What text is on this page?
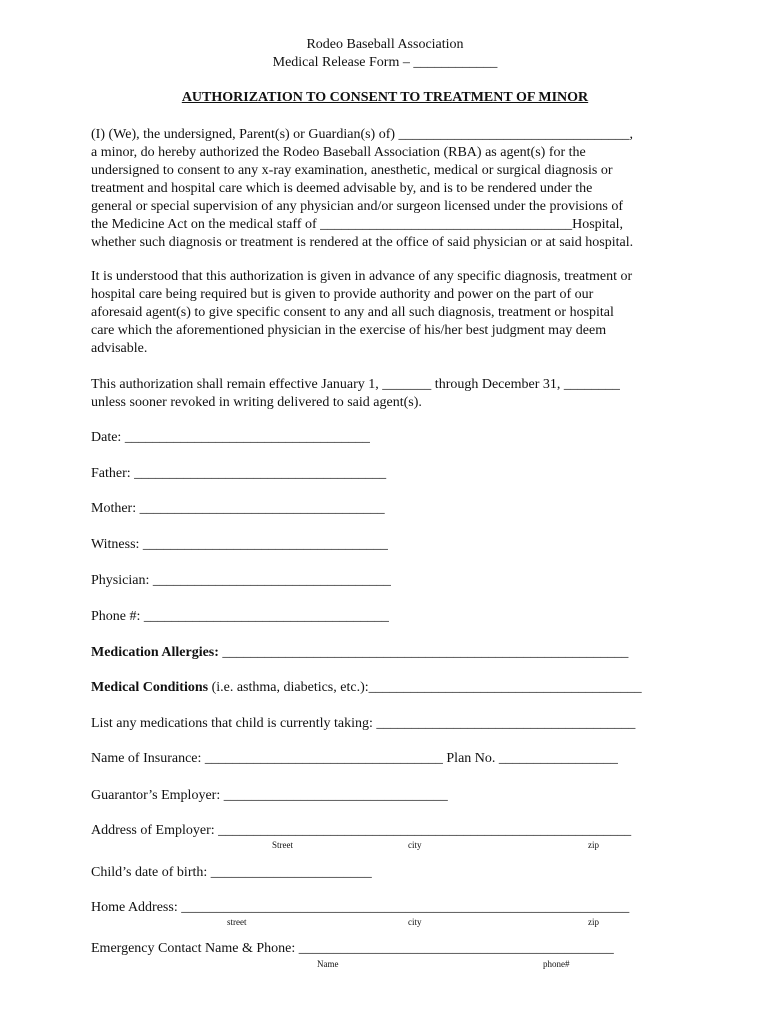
Rodeo Baseball Association
Medical Release Form – ____________
AUTHORIZATION TO CONSENT TO TREATMENT OF MINOR
(I) (We), the undersigned, Parent(s) or Guardian(s) of) _________________________________,
a minor, do hereby authorized the Rodeo Baseball Association (RBA) as agent(s) for the
undersigned to consent to any x-ray examination, anesthetic, medical or surgical diagnosis or
treatment and hospital care which is deemed advisable by, and is to be rendered under the
general or special supervision of any physician and/or surgeon licensed under the provisions of
the Medicine Act on the medical staff of ____________________________________Hospital,
whether such diagnosis or treatment is rendered at the office of said physician or at said hospital.
It is understood that this authorization is given in advance of any specific diagnosis, treatment or
hospital care being required but is given to provide authority and power on the part of our
aforesaid agent(s) to give specific consent to any and all such diagnosis, treatment or hospital
care which the aforementioned physician in the exercise of his/her best judgment may deem
advisable.
This authorization shall remain effective January 1, _______ through December 31, ________
unless sooner revoked in writing delivered to said agent(s).
Date: ___________________________________
Father: ____________________________________
Mother: ___________________________________
Witness: ___________________________________
Physician: __________________________________
Phone #: ___________________________________
Medication Allergies: __________________________________________________________
Medical Conditions (i.e. asthma, diabetics, etc.):_______________________________________
List any medications that child is currently taking: _____________________________________
Name of Insurance: __________________________________ Plan No. _________________
Guarantor’s Employer: ________________________________
Address of Employer: ___________________________________________________________
Street	city	zip
Child’s date of birth: _______________________
Home Address: ________________________________________________________________
street	city	zip
Emergency Contact Name & Phone: _____________________________________________
Name	phone#
